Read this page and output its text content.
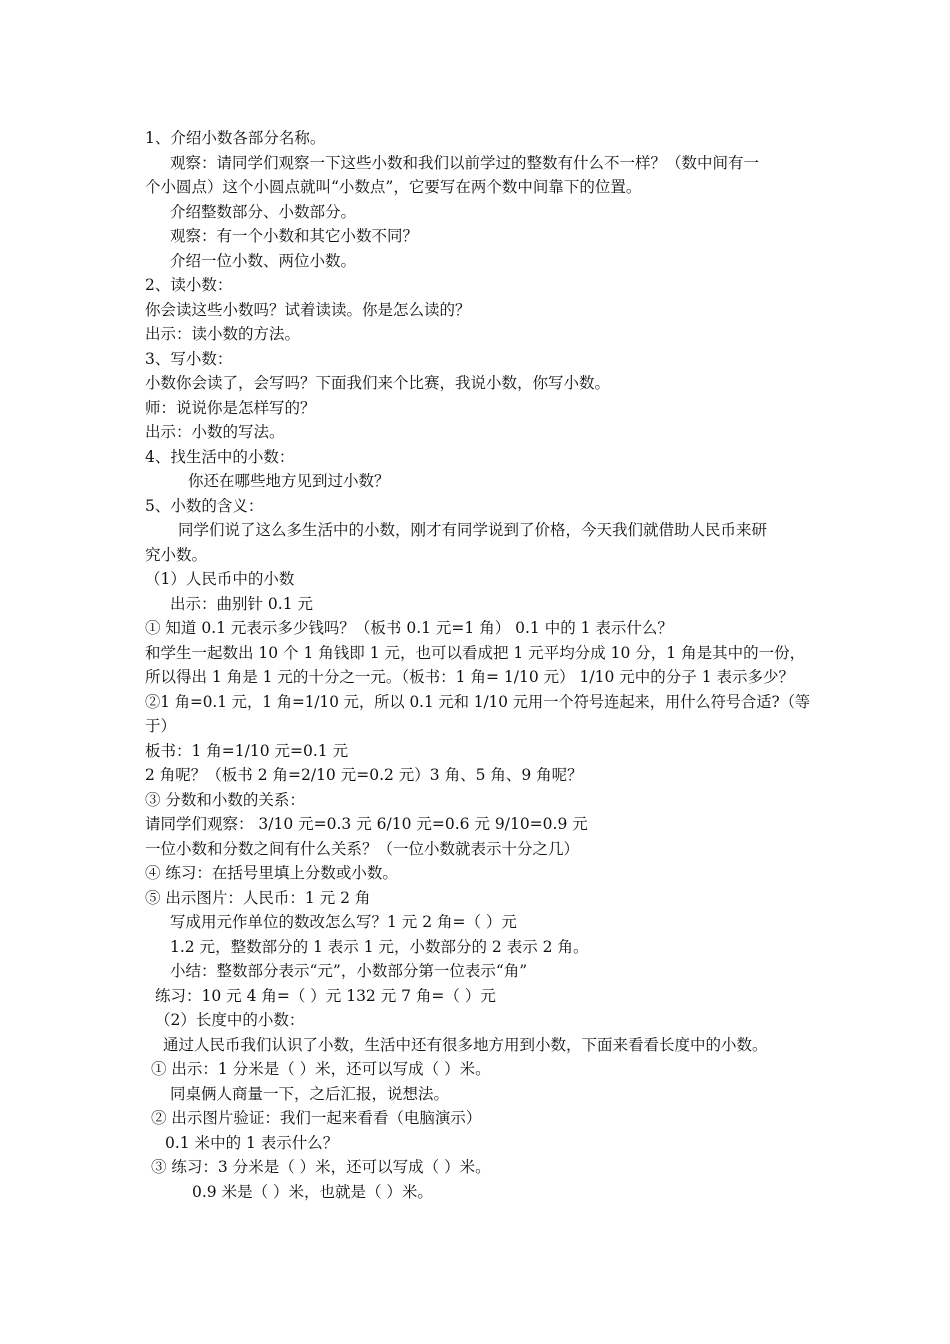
1、介绍小数各部分名称。
观察：请同学们观察一下这些小数和我们以前学过的整数有什么不一样？（数中间有一
个小圆点）这个小圆点就叫“小数点”，它要写在两个数中间靠下的位置。
介绍整数部分、小数部分。
观察：有一个小数和其它小数不同？
介绍一位小数、两位小数。
2、读小数：
你会读这些小数吗？试着读读。你是怎么读的？
出示：读小数的方法。
3、写小数：
小数你会读了，会写吗？下面我们来个比赛，我说小数，你写小数。
师：说说你是怎样写的？
出示：小数的写法。
4、找生活中的小数：
你还在哪些地方见到过小数？
5、小数的含义：
同学们说了这么多生活中的小数，刚才有同学说到了价格，今天我们就借助人民币来研
究小数。
（1）人民币中的小数
出示：曲别针 0.1 元
① 知道 0.1 元表示多少钱吗？（板书 0.1 元=1 角） 0.1 中的 1 表示什么？
和学生一起数出 10 个 1 角钱即 1 元，也可以看成把 1 元平均分成 10 分，1 角是其中的一份，
所以得出 1 角是 1 元的十分之一元。（板书：1 角= 1/10 元） 1/10 元中的分子 1 表示多少？
②1 角=0.1 元，1 角=1/10 元，所以 0.1 元和 1/10 元用一个符号连起来，用什么符号合适?（等
于）
板书：1 角=1/10 元=0.1 元
2 角呢？（板书 2 角=2/10 元=0.2 元）3 角、5 角、9 角呢？
③ 分数和小数的关系：
请同学们观察： 3/10 元=0.3 元 6/10 元=0.6 元 9/10=0.9 元
一位小数和分数之间有什么关系？（一位小数就表示十分之几）
④ 练习：在括号里填上分数或小数。
⑤ 出示图片：人民币：1 元 2 角
写成用元作单位的数改怎么写？1 元 2 角=（ ）元
1.2 元，整数部分的 1 表示 1 元，小数部分的 2 表示 2 角。
小结：整数部分表示“元”，小数部分第一位表示“角”
练习：10 元 4 角=（ ）元 132 元 7 角=（ ）元
（2）长度中的小数：
通过人民币我们认识了小数，生活中还有很多地方用到小数，下面来看看长度中的小数。
① 出示：1 分米是（ ）米，还可以写成（ ）米。
同桌俩人商量一下，之后汇报，说想法。
② 出示图片验证：我们一起来看看（电脑演示）
0.1 米中的 1 表示什么？
③ 练习：3 分米是（ ）米，还可以写成（ ）米。
0.9 米是（ ）米，也就是（ ）米。
